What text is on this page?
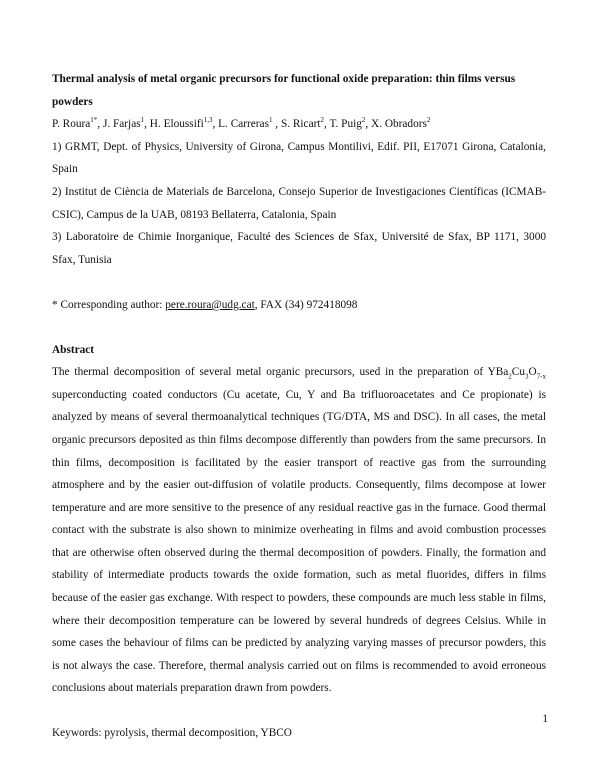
Thermal analysis of metal organic precursors for functional oxide preparation: thin films versus powders

P. Roura$^{1*}$, J. Farjas$^1$, H. Eloussifi$^{1,3}$, L. Carreras$^1$ , S. Ricart$^2$, T. Puig$^2$, X. Obradors$^2$

1) GRMT, Dept. of Physics, University of Girona, Campus Montilivi, Edif. PII, E17071 Girona, Catalonia, Spain

2) Institut de Ciència de Materials de Barcelona, Consejo Superior de Investigaciones Científicas (ICMAB-CSIC), Campus de la UAB, 08193 Bellaterra, Catalonia, Spain

3) Laboratoire de Chimie Inorganique, Faculté des Sciences de Sfax, Université de Sfax, BP 1171, 3000 Sfax, Tunisia

* Corresponding author: pere.roura@udg.cat, FAX (34) 972418098

Abstract

The thermal decomposition of several metal organic precursors, used in the preparation of $YBa_2Cu_3O_{7-x}$ superconducting coated conductors (Cu acetate, Cu, Y and Ba trifluoroacetates and Ce propionate) is analyzed by means of several thermoanalytical techniques (TG/DTA, MS and DSC). In all cases, the metal organic precursors deposited as thin films decompose differently than powders from the same precursors. In thin films, decomposition is facilitated by the easier transport of reactive gas from the surrounding atmosphere and by the easier out-diffusion of volatile products. Consequently, films decompose at lower temperature and are more sensitive to the presence of any residual reactive gas in the furnace. Good thermal contact with the substrate is also shown to minimize overheating in films and avoid combustion processes that are otherwise often observed during the thermal decomposition of powders. Finally, the formation and stability of intermediate products towards the oxide formation, such as metal fluorides, differs in films because of the easier gas exchange. With respect to powders, these compounds are much less stable in films, where their decomposition temperature can be lowered by several hundreds of degrees Celsius. While in some cases the behaviour of films can be predicted by analyzing varying masses of precursor powders, this is not always the case. Therefore, thermal analysis carried out on films is recommended to avoid erroneous conclusions about materials preparation drawn from powders.

Keywords: pyrolysis, thermal decomposition, YBCO

1
